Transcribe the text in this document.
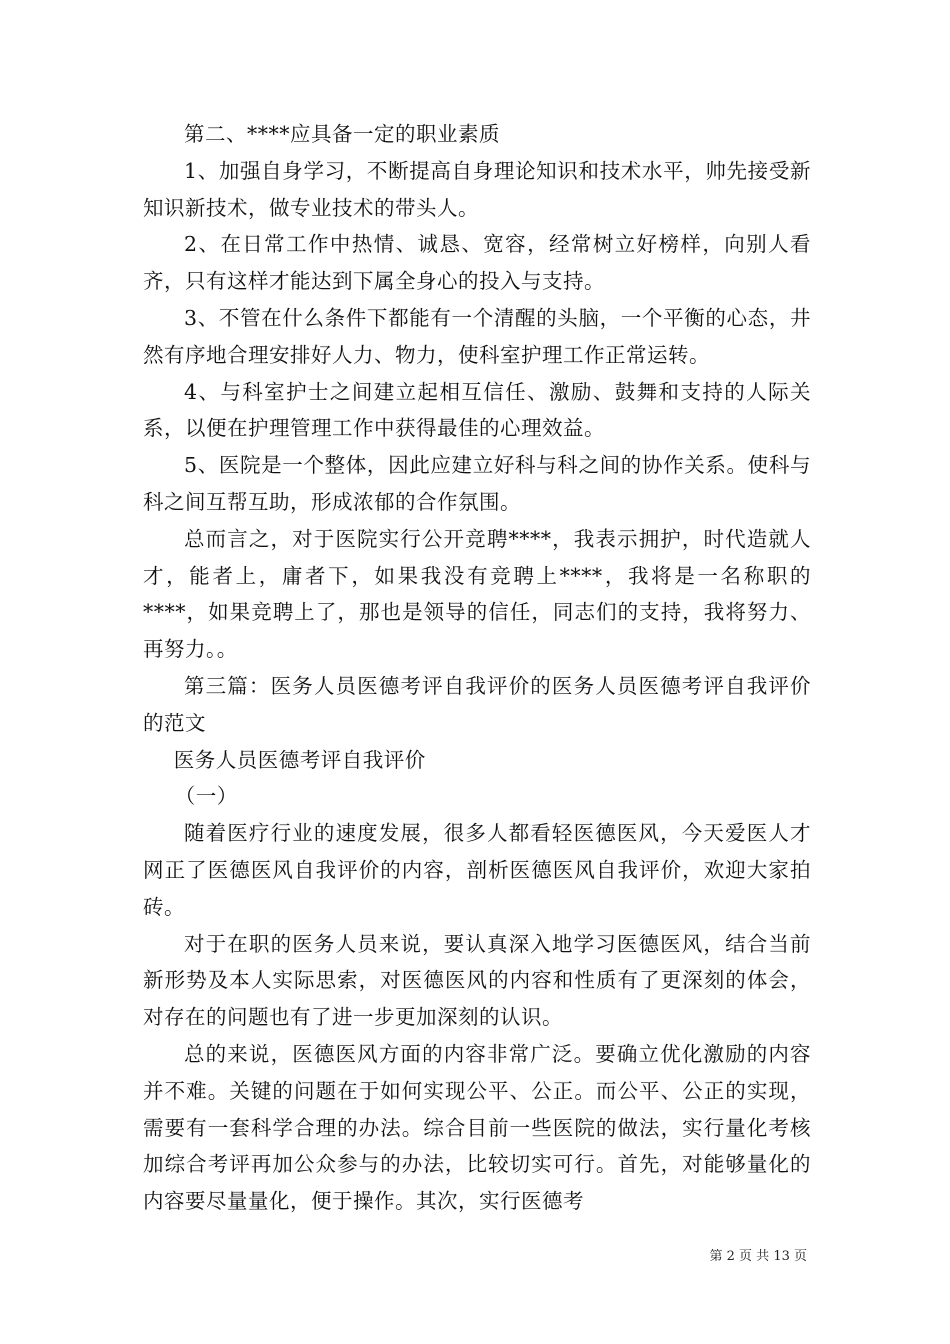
第二、****应具备一定的职业素质

1、加强自身学习，不断提高自身理论知识和技术水平，帅先接受新知识新技术，做专业技术的带头人。

2、在日常工作中热情、诚恳、宽容，经常树立好榜样，向别人看齐，只有这样才能达到下属全身心的投入与支持。

3、不管在什么条件下都能有一个清醒的头脑，一个平衡的心态，井然有序地合理安排好人力、物力，使科室护理工作正常运转。

4、与科室护士之间建立起相互信任、激励、鼓舞和支持的人际关系，以便在护理管理工作中获得最佳的心理效益。

5、医院是一个整体，因此应建立好科与科之间的协作关系。使科与科之间互帮互助，形成浓郁的合作氛围。

总而言之，对于医院实行公开竞聘****，我表示拥护，时代造就人才，能者上，庸者下，如果我没有竞聘上****，我将是一名称职的****，如果竞聘上了，那也是领导的信任，同志们的支持，我将努力、再努力。。

第三篇：医务人员医德考评自我评价的医务人员医德考评自我评价的范文

医务人员医德考评自我评价

（一）

随着医疗行业的速度发展，很多人都看轻医德医风，今天爱医人才网正了医德医风自我评价的内容，剖析医德医风自我评价，欢迎大家拍砖。

对于在职的医务人员来说，要认真深入地学习医德医风，结合当前新形势及本人实际思索，对医德医风的内容和性质有了更深刻的体会，对存在的问题也有了进一步更加深刻的认识。

总的来说，医德医风方面的内容非常广泛。要确立优化激励的内容并不难。关键的问题在于如何实现公平、公正。而公平、公正的实现，需要有一套科学合理的办法。综合目前一些医院的做法，实行量化考核加综合考评再加公众参与的办法，比较切实可行。首先，对能够量化的内容要尽量量化，便于操作。其次，实行医德考

第 2 页 共 13 页
